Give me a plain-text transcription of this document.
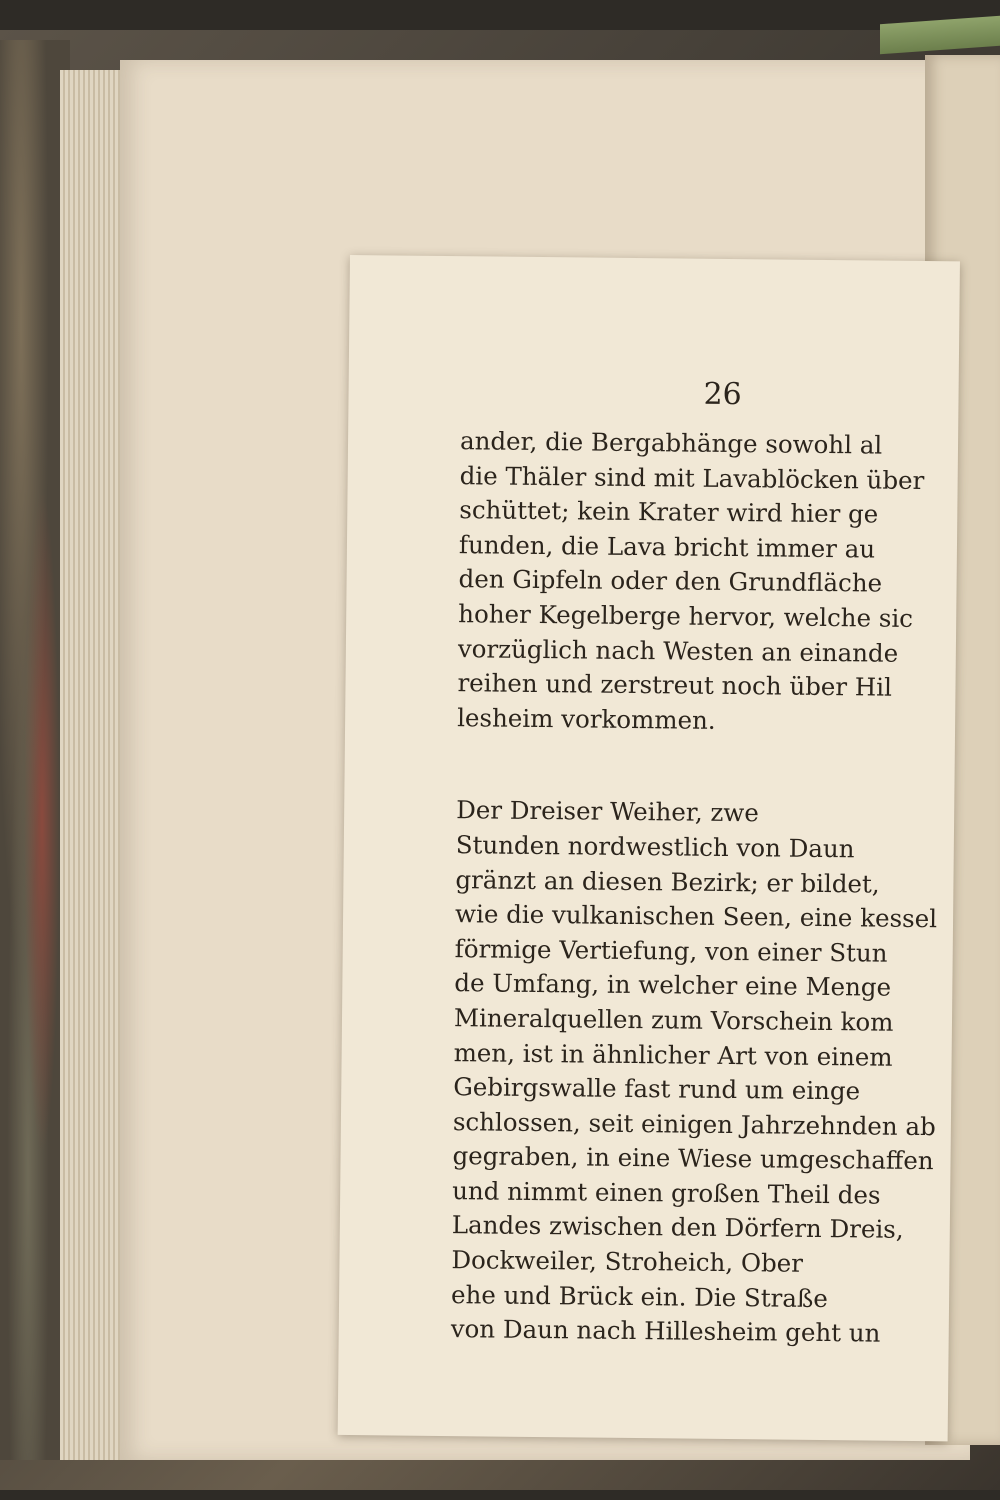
26
ander, die Bergabhänge sowohl al
die Thäler sind mit Lavablöcken über
schüttet; kein Krater wird hier ge
funden, die Lava bricht immer au
den Gipfeln oder den Grundfläche
hoher Kegelberge hervor, welche sic
vorzüglich nach Westen an einande
reihen und zerstreut noch über Hil
lesheim vorkommen.
Der Dreiser Weiher, zwe
Stunden nordwestlich von Daun
gränzt an diesen Bezirk; er bildet,
wie die vulkanischen Seen, eine kessel
förmige Vertiefung, von einer Stun
de Umfang, in welcher eine Menge
Mineralquellen zum Vorschein kom
men, ist in ähnlicher Art von einem
Gebirgswalle fast rund um einge
schlossen, seit einigen Jahrzehnden ab
gegraben, in eine Wiese umgeschaffen
und nimmt einen großen Theil des
Landes zwischen den Dörfern Dreis,
Dockweiler, Stroheich, Ober
ehe und Brück ein. Die Straße
von Daun nach Hillesheim geht un
